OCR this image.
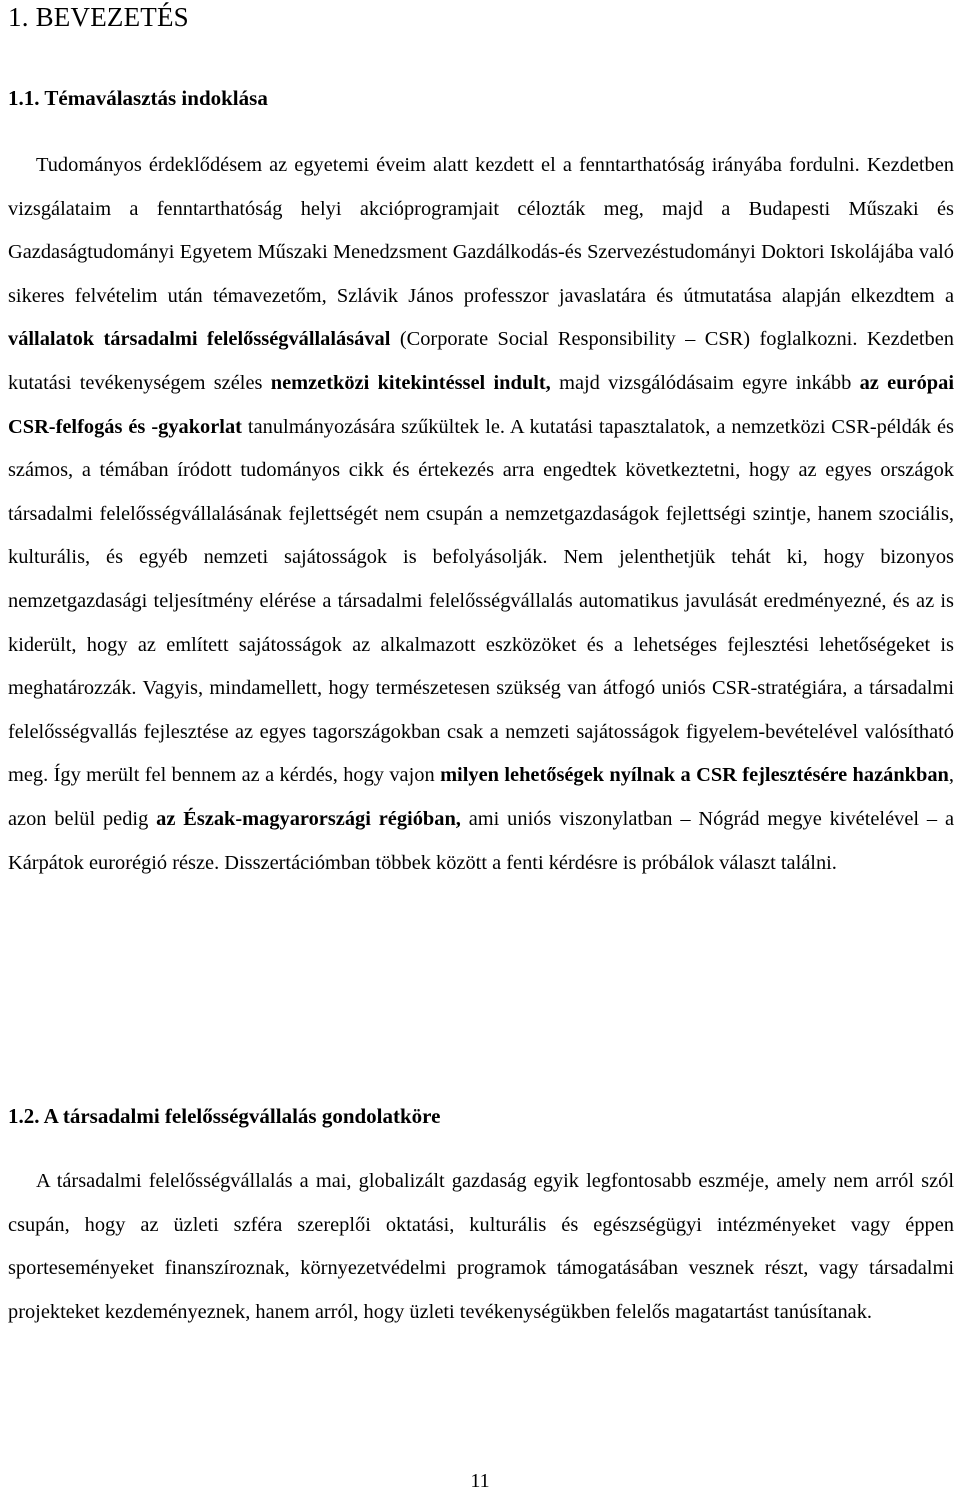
1. BEVEZETÉS
1.1. Témaválasztás indoklása

Tudományos érdeklődésem az egyetemi éveim alatt kezdett el a fenntarthatóság irányába fordulni. Kezdetben vizsgálataim a fenntarthatóság helyi akcióprogramjait célozták meg, majd a Budapesti Műszaki és Gazdaságtudományi Egyetem Műszaki Menedzsment Gazdálkodás-és Szervezéstudományi Doktori Iskolájába való sikeres felvételim után témavezetőm, Szlávik János professzor javaslatára és útmutatása alapján elkezdtem a vállalatok társadalmi felelősségvállalásával (Corporate Social Responsibility – CSR) foglalkozni. Kezdetben kutatási tevékenységem széles nemzetközi kitekintéssel indult, majd vizsgálódásaim egyre inkább az európai CSR-felfogás és -gyakorlat tanulmányozására szűkültek le. A kutatási tapasztalatok, a nemzetközi CSR-példák és számos, a témában íródott tudományos cikk és értekezés arra engedtek következtetni, hogy az egyes országok társadalmi felelősségvállalásának fejlettségét nem csupán a nemzetgazdaságok fejlettségi szintje, hanem szociális, kulturális, és egyéb nemzeti sajátosságok is befolyásolják. Nem jelenthetjük tehát ki, hogy bizonyos nemzetgazdasági teljesítmény elérése a társadalmi felelősségvállalás automatikus javulását eredményezné, és az is kiderült, hogy az említett sajátosságok az alkalmazott eszközöket és a lehetséges fejlesztési lehetőségeket is meghatározzák. Vagyis, mindamellett, hogy természetesen szükség van átfogó uniós CSR-stratégiára, a társadalmi felelősségvallás fejlesztése az egyes tagországokban csak a nemzeti sajátosságok figyelem-bevételével valósítható meg. Így merült fel bennem az a kérdés, hogy vajon milyen lehetőségek nyílnak a CSR fejlesztésére hazánkban, azon belül pedig az Észak-magyarországi régióban, ami uniós viszonylatban – Nógrád megye kivételével – a Kárpátok eurorégió része. Disszertációmban többek között a fenti kérdésre is próbálok választ találni.

1.2. A társadalmi felelősségvállalás gondolatköre

A társadalmi felelősségvállalás a mai, globalizált gazdaság egyik legfontosabb eszméje, amely nem arról szól csupán, hogy az üzleti szféra szereplői oktatási, kulturális és egészségügyi intézményeket vagy éppen sporteseményeket finanszíroznak, környezetvédelmi programok támogatásában vesznek részt, vagy társadalmi projekteket kezdeményeznek, hanem arról, hogy üzleti tevékenységükben felelős magatartást tanúsítanak.

11
